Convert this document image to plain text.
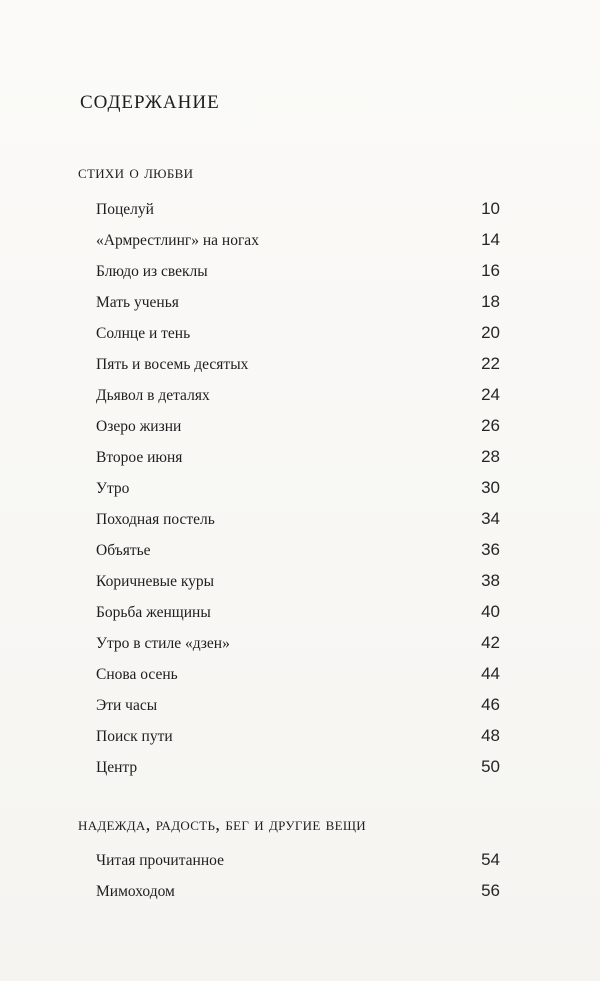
содержание
стихи о любви
Поцелуй	10
«Армрестлинг» на ногах	14
Блюдо из свеклы	16
Мать ученья	18
Солнце и тень	20
Пять и восемь десятых	22
Дьявол в деталях	24
Озеро жизни	26
Второе июня	28
Утро	30
Походная постель	34
Объятье	36
Коричневые куры	38
Борьба женщины	40
Утро в стиле «дзен»	42
Снова осень	44
Эти часы	46
Поиск пути	48
Центр	50
надежда, радость, бег и другие вещи
Читая прочитанное	54
Мимоходом	56
